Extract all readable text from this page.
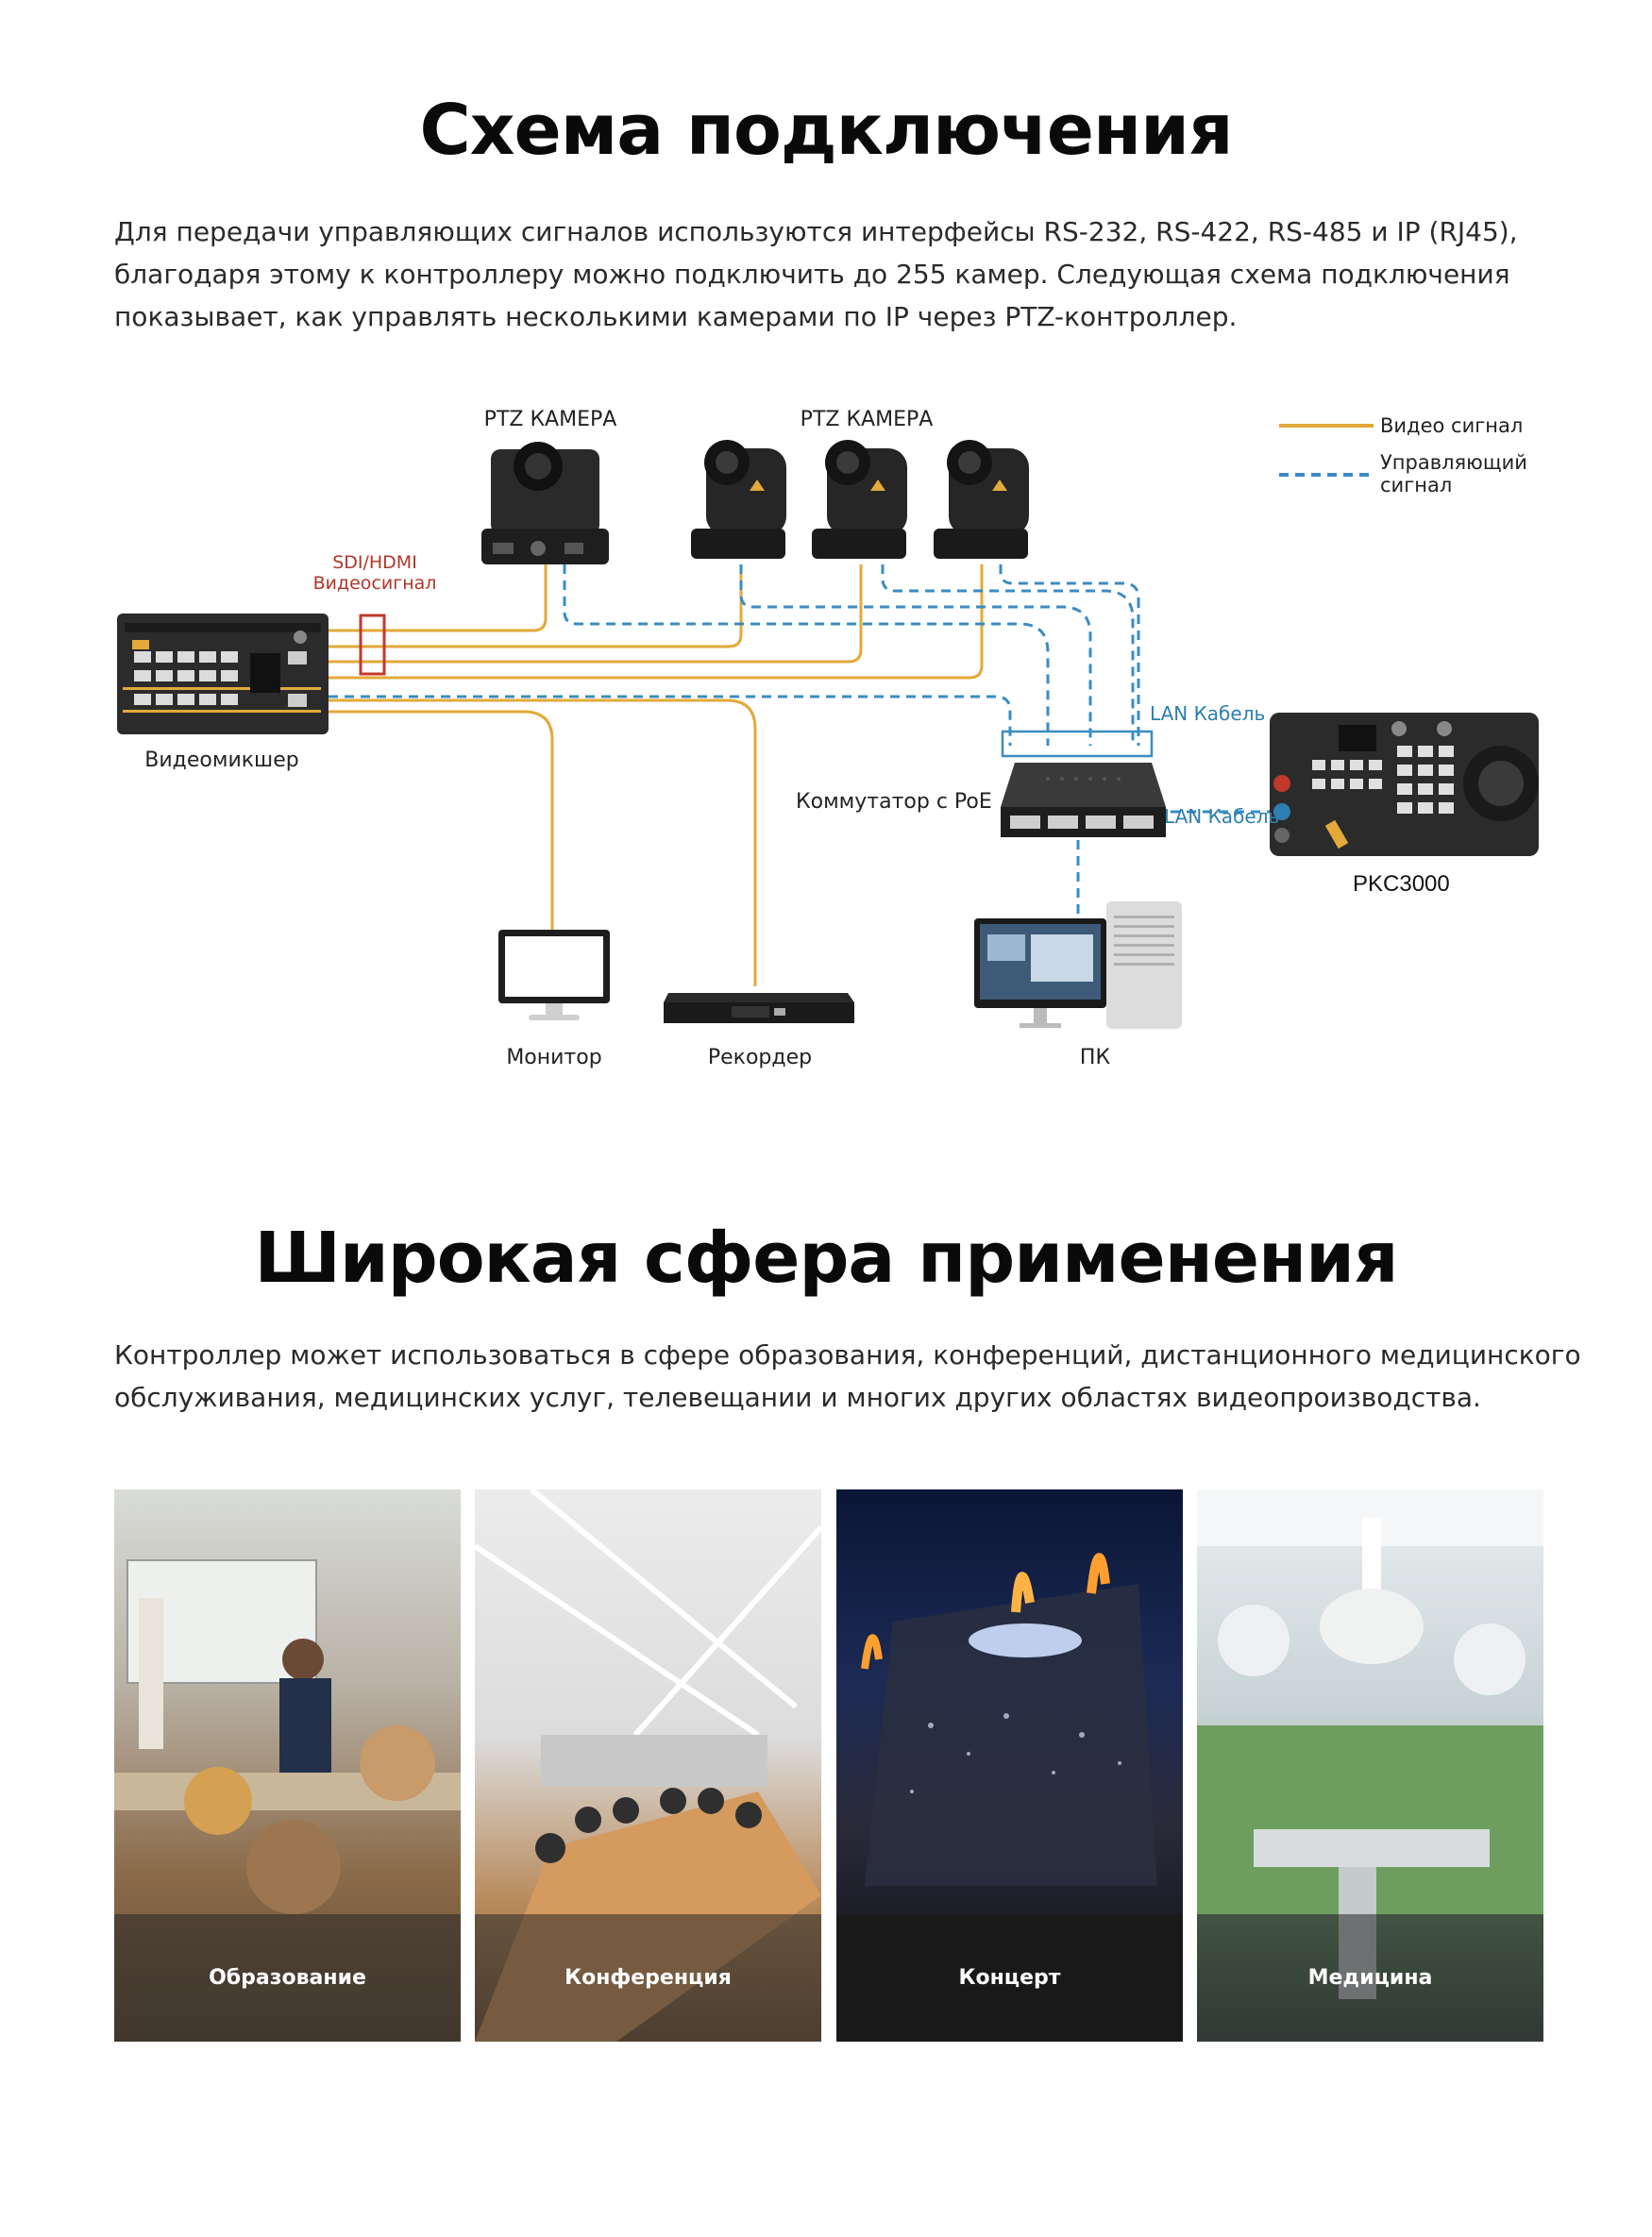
Схема подключения
Для передачи управляющих сигналов используются интерфейсы RS-232, RS-422, RS-485 и IP (RJ45),
благодаря этому к контроллеру можно подключить до 255 камер. Следующая схема подключения
показывает, как управлять несколькими камерами по IP через PTZ-контроллер.
Видео сигнал
Управляющий
сигнал
PTZ КАМЕРА	PTZ КАМЕРА
SDI/HDMI
Видеосигнал
Видеомикшер
LAN Кабель
LAN Кабель
Коммутатор с PoE
PKC3000
Монитор	Рекордер	ПК
Широкая сфера применения
Контроллер может использоваться в сфере образования, конференций, дистанционного медицинского
обслуживания, медицинских услуг, телевещании и многих других областях видеопроизводства.
Образование	Конференция	Концерт	Медицина
